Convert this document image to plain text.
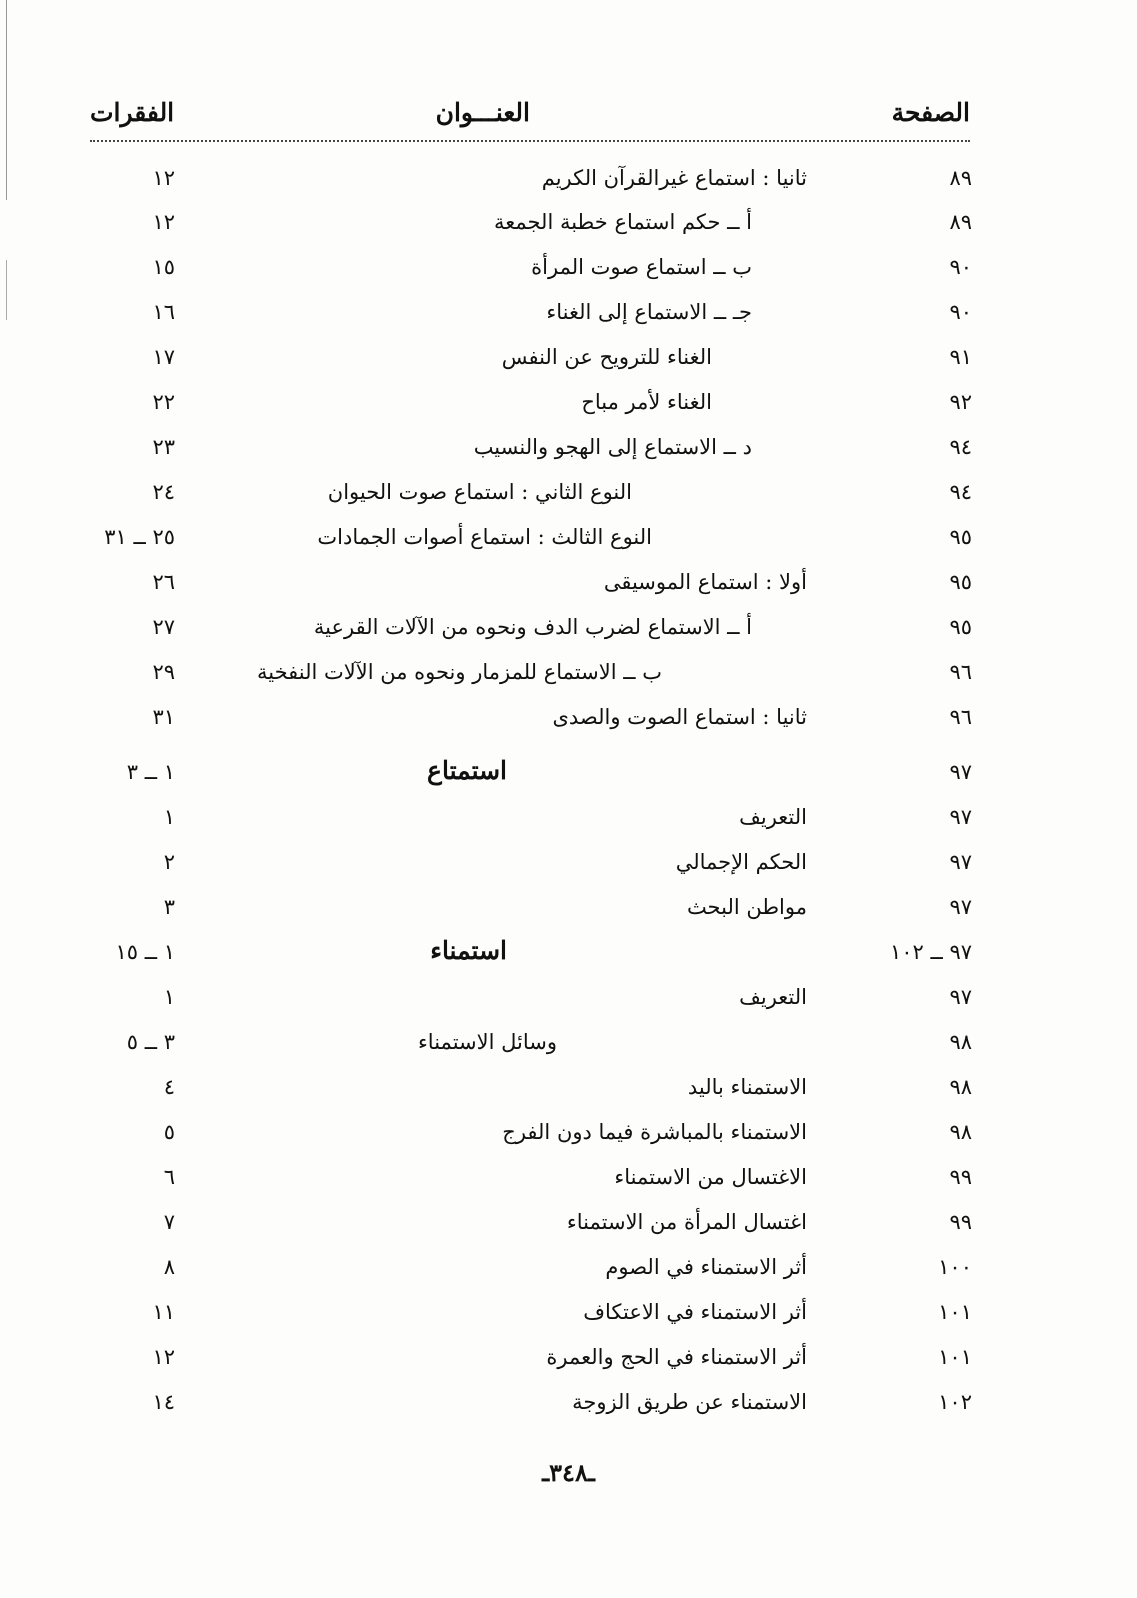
الصفحة
العنـــوان
الفقرات
٨٩
ثانيا : استماع غيرالقرآن الكريم
١٢
٨٩
أ ــ حكم استماع خطبة الجمعة
١٢
٩٠
ب ــ استماع صوت المرأة
١٥
٩٠
جـ ــ الاستماع إلى الغناء
١٦
٩١
الغناء للترويح عن النفس
١٧
٩٢
الغناء لأمر مباح
٢٢
٩٤
د ــ الاستماع إلى الهجو والنسيب
٢٣
٩٤
النوع الثاني : استماع صوت الحيوان
٢٤
٩٥
النوع الثالث : استماع أصوات الجمادات
٢٥ ــ ٣١
٩٥
أولا : استماع الموسيقى
٢٦
٩٥
أ ــ الاستماع لضرب الدف ونحوه من الآلات القرعية
٢٧
٩٦
ب ــ الاستماع للمزمار ونحوه من الآلات النفخية
٢٩
٩٦
ثانيا : استماع الصوت والصدى
٣١
٩٧
استمتاع
١ ــ ٣
٩٧
التعريف
١
٩٧
الحكم الإجمالي
٢
٩٧
مواطن البحث
٣
٩٧ ــ ١٠٢
استمناء
١ ــ ١٥
٩٧
التعريف
١
٩٨
وسائل الاستمناء
٣ ــ ٥
٩٨
الاستمناء باليد
٤
٩٨
الاستمناء بالمباشرة فيما دون الفرج
٥
٩٩
الاغتسال من الاستمناء
٦
٩٩
اغتسال المرأة من الاستمناء
٧
١٠٠
أثر الاستمناء في الصوم
٨
١٠١
أثر الاستمناء في الاعتكاف
١١
١٠١
أثر الاستمناء في الحج والعمرة
١٢
١٠٢
الاستمناء عن طريق الزوجة
١٤
ـ٣٤٨ـ
